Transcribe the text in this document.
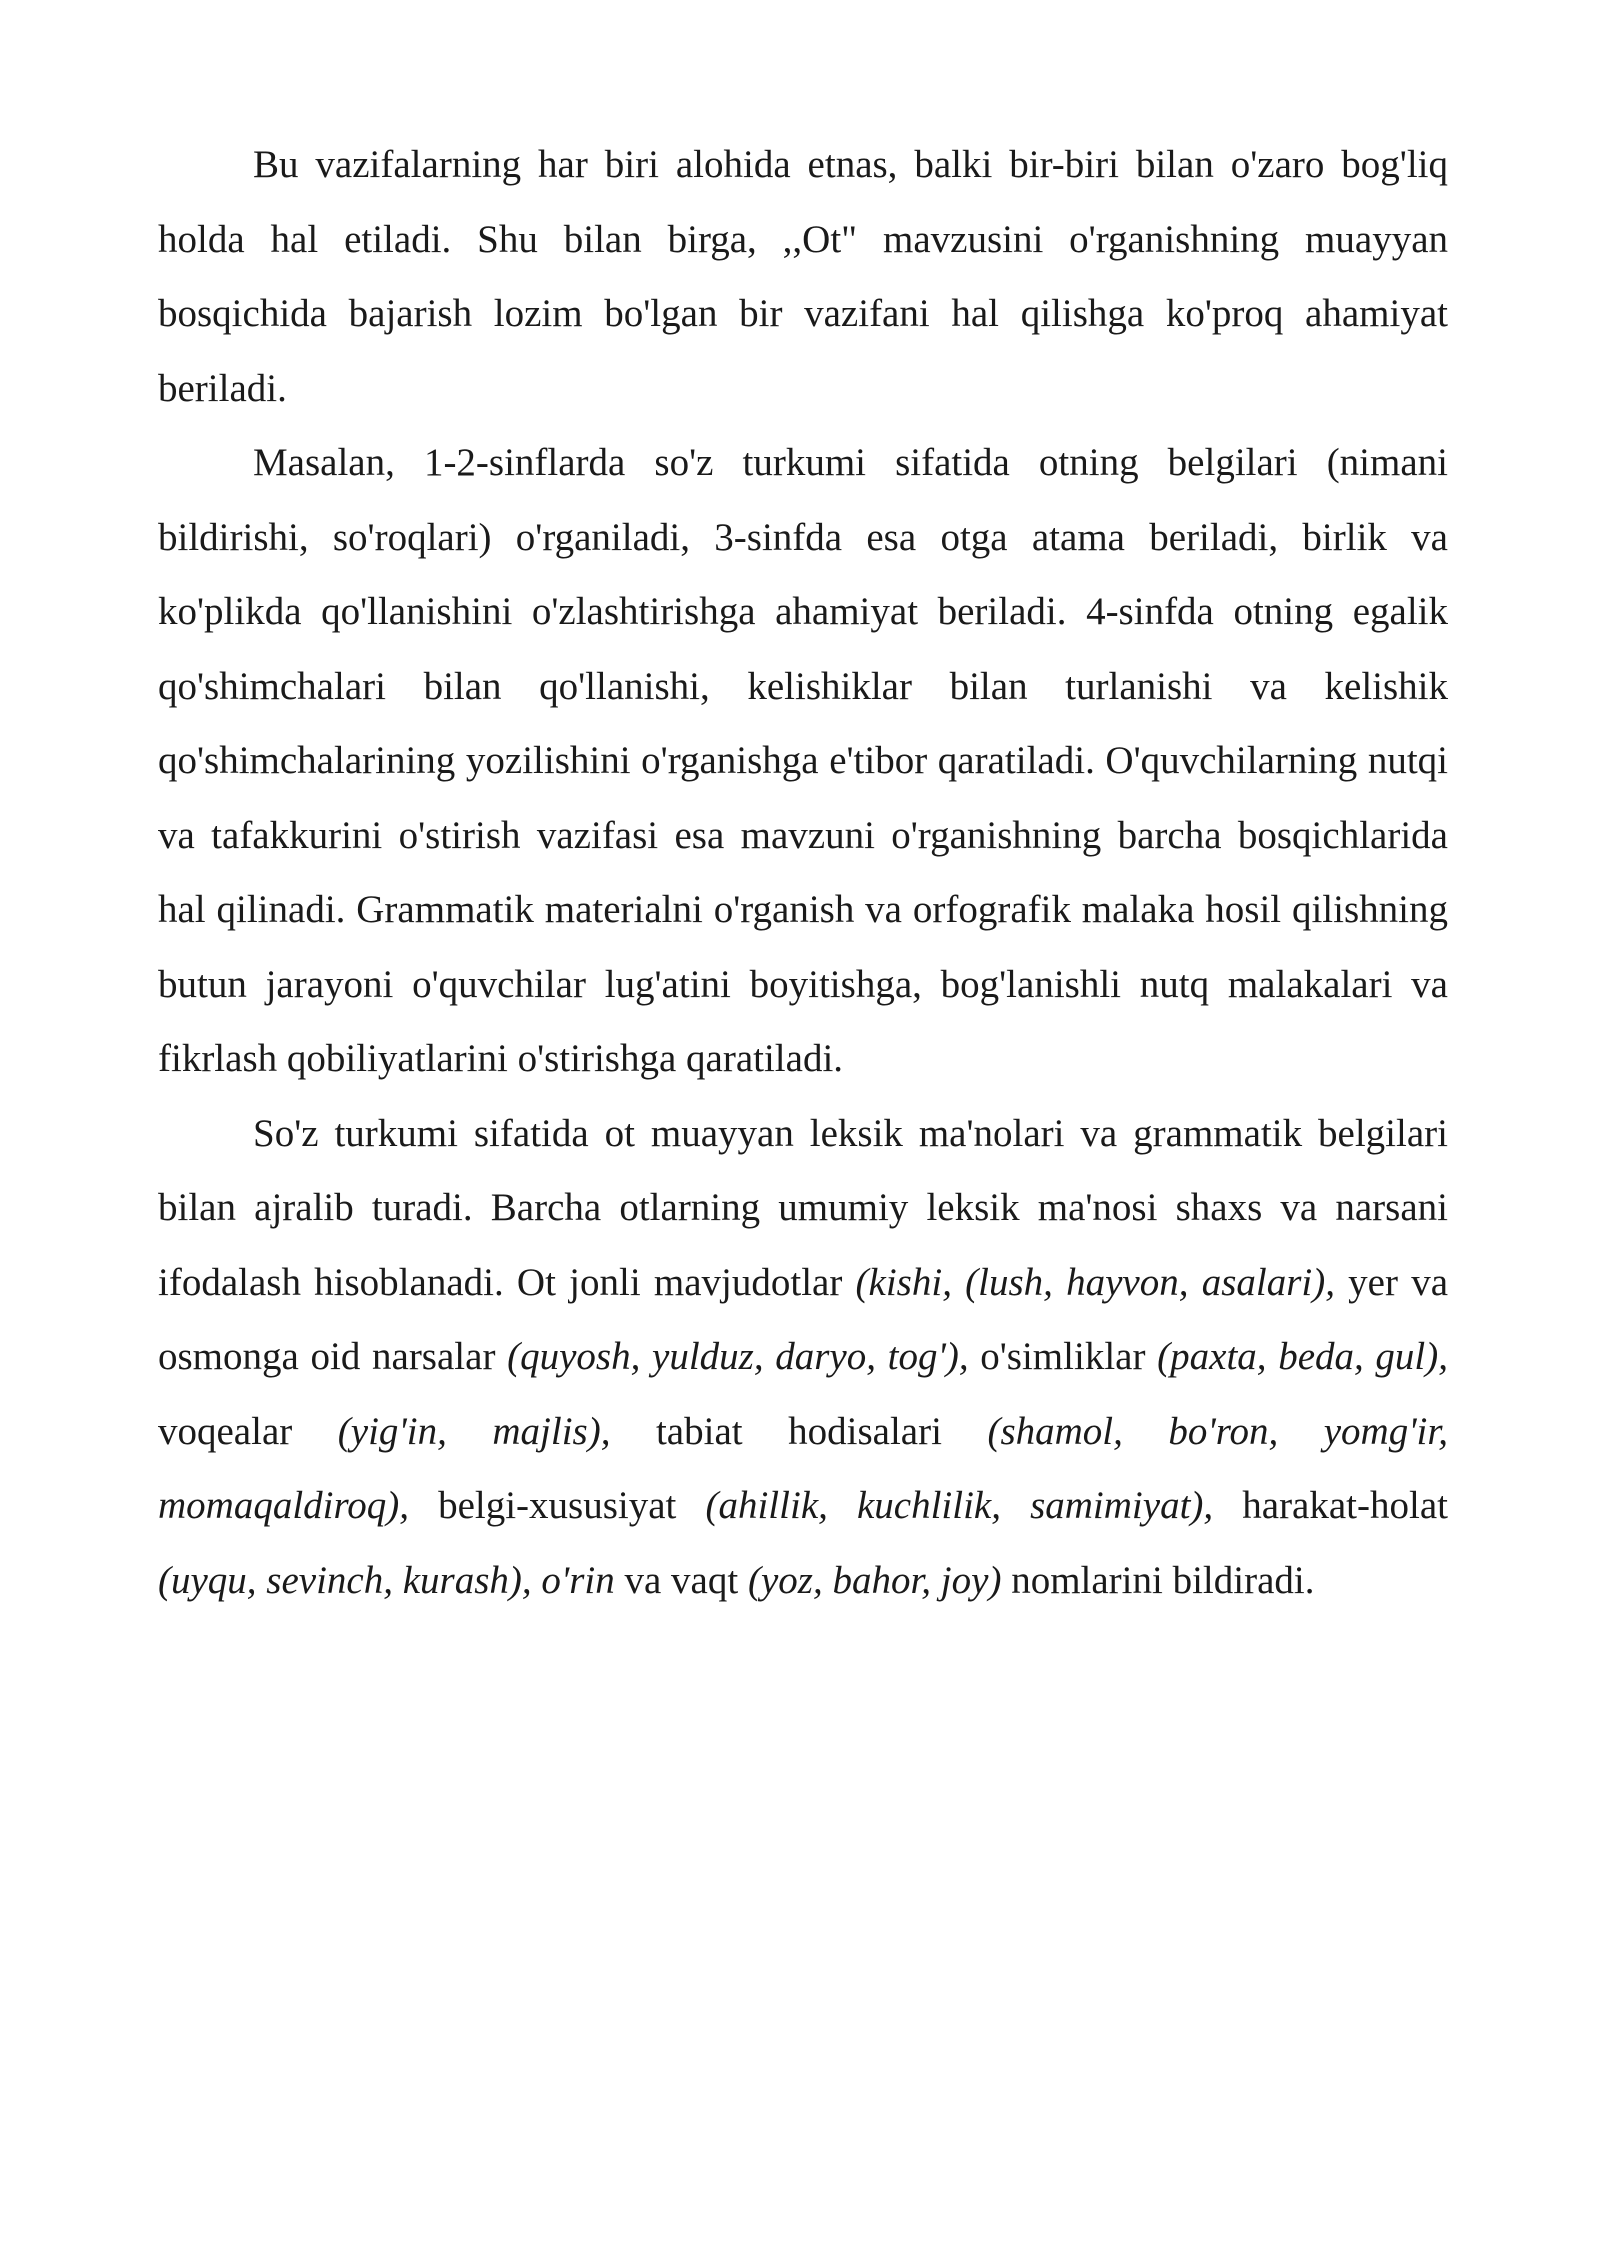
Bu vazifalarning har biri alohida etnas, balki bir-biri bilan o'zaro bog'liq holda hal etiladi. Shu bilan birga, ,,Ot" mavzusini o'rganishning muayyan bosqichida bajarish lozim bo'lgan bir vazifani hal qilishga ko'proq ahamiyat beriladi.

Masalan, 1-2-sinflarda so'z turkumi sifatida otning belgilari (nimani bildirishi, so'roqlari) o'rganiladi, 3-sinfda esa otga atama beriladi, birlik va ko'plikda qo'llanishini o'zlashtirishga ahamiyat beriladi. 4-sinfda otning egalik qo'shimchalari bilan qo'llanishi, kelishiklar bilan turlanishi va kelishik qo'shimchalarining yozilishini o'rganishga e'tibor qaratiladi. O'quvchilarning nutqi va tafakkurini o'stirish vazifasi esa mavzuni o'rganishning barcha bosqichlarida hal qilinadi. Grammatik materialni o'rganish va orfografik malaka hosil qilishning butun jarayoni o'quvchilar lug'atini boyitishga, bog'lanishli nutq malakalari va fikrlash qobiliyatlarini o'stirishga qaratiladi.

So'z turkumi sifatida ot muayyan leksik ma'nolari va grammatik belgilari bilan ajralib turadi. Barcha otlarning umumiy leksik ma'nosi shaxs va narsani ifodalash hisoblanadi. Ot jonli mavjudotlar (kishi, (lush, hayvon, asalari), yer va osmonga oid narsalar (quyosh, yulduz, daryo, tog'), o'simliklar (paxta, beda, gul), voqealar (yig'in, majlis), tabiat hodisalari (shamol, bo'ron, yomg'ir, momaqaldiroq), belgi-xususiyat (ahillik, kuchlilik, samimiyat), harakat-holat (uyqu, sevinch, kurash), o'rin va vaqt (yoz, bahor, joy) nomlarini bildiradi.
